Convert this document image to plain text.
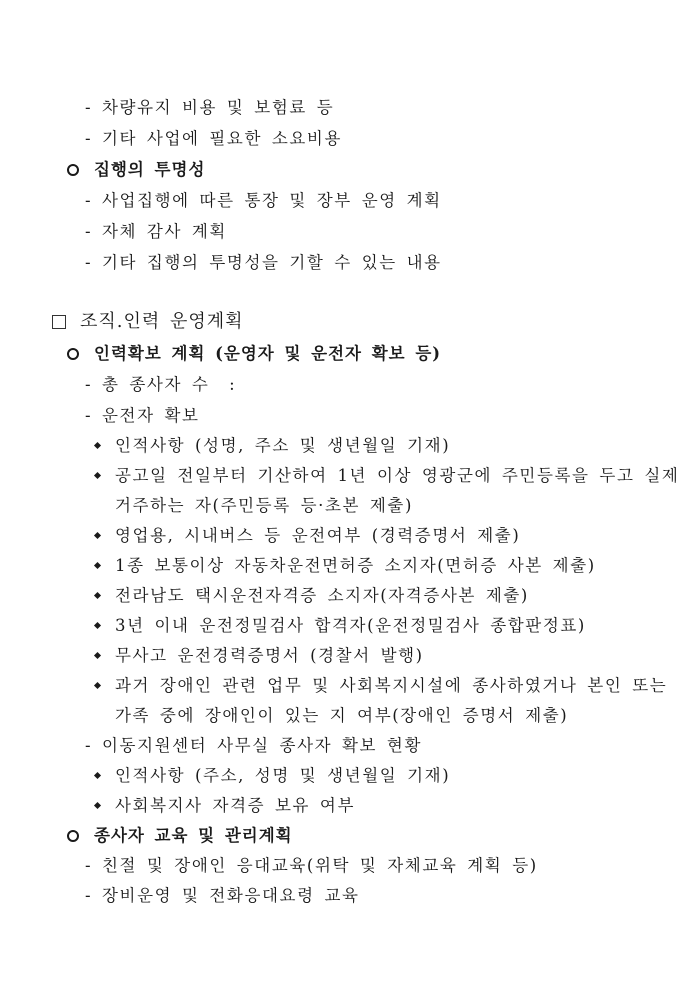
- 차량유지 비용 및 보험료 등
- 기타 사업에 필요한 소요비용
집행의 투명성
- 사업집행에 따른 통장 및 장부 운영 계획
- 자체 감사 계획
- 기타 집행의 투명성을 기할 수 있는 내용
조직.인력 운영계획
인력확보 계획 (운영자 및 운전자 확보 등)
- 총 종사자 수  :
- 운전자 확보
인적사항 (성명, 주소 및 생년월일 기재)
공고일 전일부터 기산하여 1년 이상 영광군에 주민등록을 두고 실제
거주하는 자(주민등록 등·초본 제출)
영업용, 시내버스 등 운전여부 (경력증명서 제출)
1종 보통이상 자동차운전면허증 소지자(면허증 사본 제출)
전라남도 택시운전자격증 소지자(자격증사본 제출)
3년 이내 운전정밀검사 합격자(운전정밀검사 종합판정표)
무사고 운전경력증명서 (경찰서 발행)
과거 장애인 관련 업무 및 사회복지시설에 종사하였거나 본인 또는
가족 중에 장애인이 있는 지 여부(장애인 증명서 제출)
- 이동지원센터 사무실 종사자 확보 현황
인적사항 (주소, 성명 및 생년월일 기재)
사회복지사 자격증 보유 여부
종사자 교육 및 관리계획
- 친절 및 장애인 응대교육(위탁 및 자체교육 계획 등)
- 장비운영 및 전화응대요령 교육
